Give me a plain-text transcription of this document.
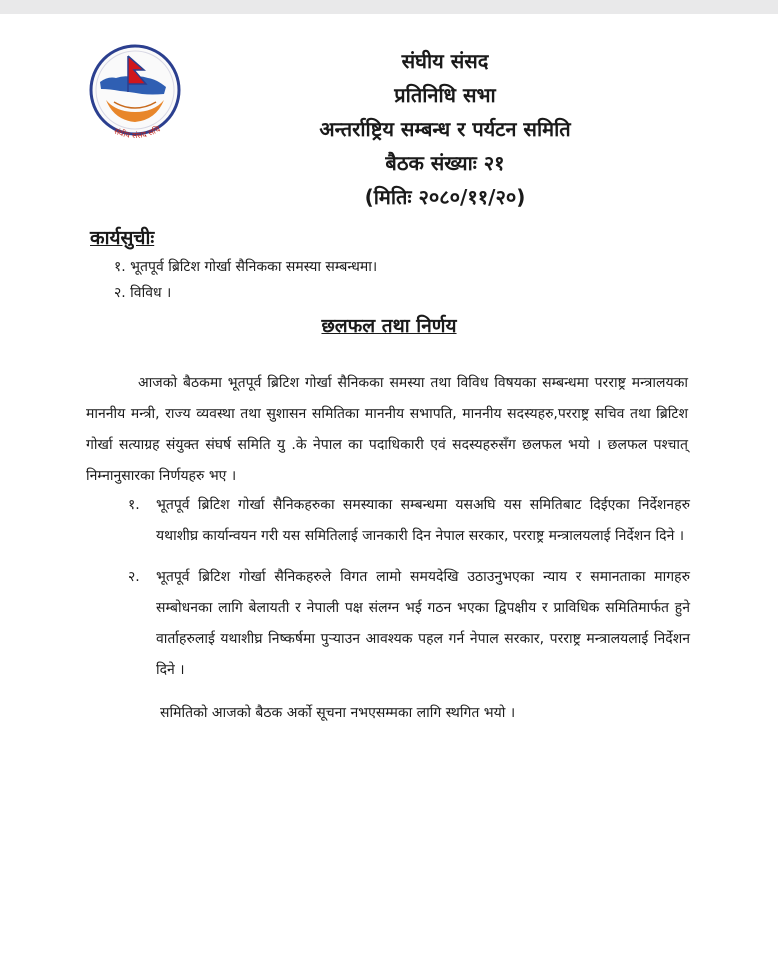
संघीय संसद सचि
संघीय संसद
प्रतिनिधि सभा
अन्तर्राष्ट्रिय सम्बन्ध र पर्यटन समिति
बैठक संख्याः २१
(मितिः २०८०/११/२०)
कार्यसुचीः
१. भूतपूर्व ब्रिटिश गोर्खा सैनिकका समस्या सम्बन्धमा।
२. विविध ।
छलफल तथा निर्णय

आजको बैठकमा भूतपूर्व ब्रिटिश गोर्खा सैनिकका समस्या तथा विविध विषयका सम्बन्धमा परराष्ट्र मन्त्रालयका माननीय मन्त्री, राज्य व्यवस्था तथा सुशासन समितिका माननीय सभापति, माननीय सदस्यहरु,परराष्ट्र सचिव तथा ब्रिटिश गोर्खा सत्याग्रह संयुक्त संघर्ष समिति यु .के नेपाल का पदाधिकारी एवं सदस्यहरुसँग छलफल भयो । छलफल पश्चात् निम्नानुसारका निर्णयहरु भए ।

१. भूतपूर्व ब्रिटिश गोर्खा सैनिकहरुका समस्याका सम्बन्धमा यसअघि यस समितिबाट दिईएका निर्देशनहरु यथाशीघ्र कार्यान्वयन गरी यस समितिलाई जानकारी दिन नेपाल सरकार, परराष्ट्र मन्त्रालयलाई निर्देशन दिने ।
२. भूतपूर्व ब्रिटिश गोर्खा सैनिकहरुले विगत लामो समयदेखि उठाउनुभएका न्याय र समानताका मागहरु सम्बोधनका लागि बेलायती र नेपाली पक्ष संलग्न भई गठन भएका द्विपक्षीय र प्राविधिक समितिमार्फत हुने वार्ताहरुलाई यथाशीघ्र निष्कर्षमा पुऱ्याउन आवश्यक पहल गर्न नेपाल सरकार, परराष्ट्र मन्त्रालयलाई निर्देशन दिने ।
समितिको आजको बैठक अर्को सूचना नभएसम्मका लागि स्थगित भयो ।
